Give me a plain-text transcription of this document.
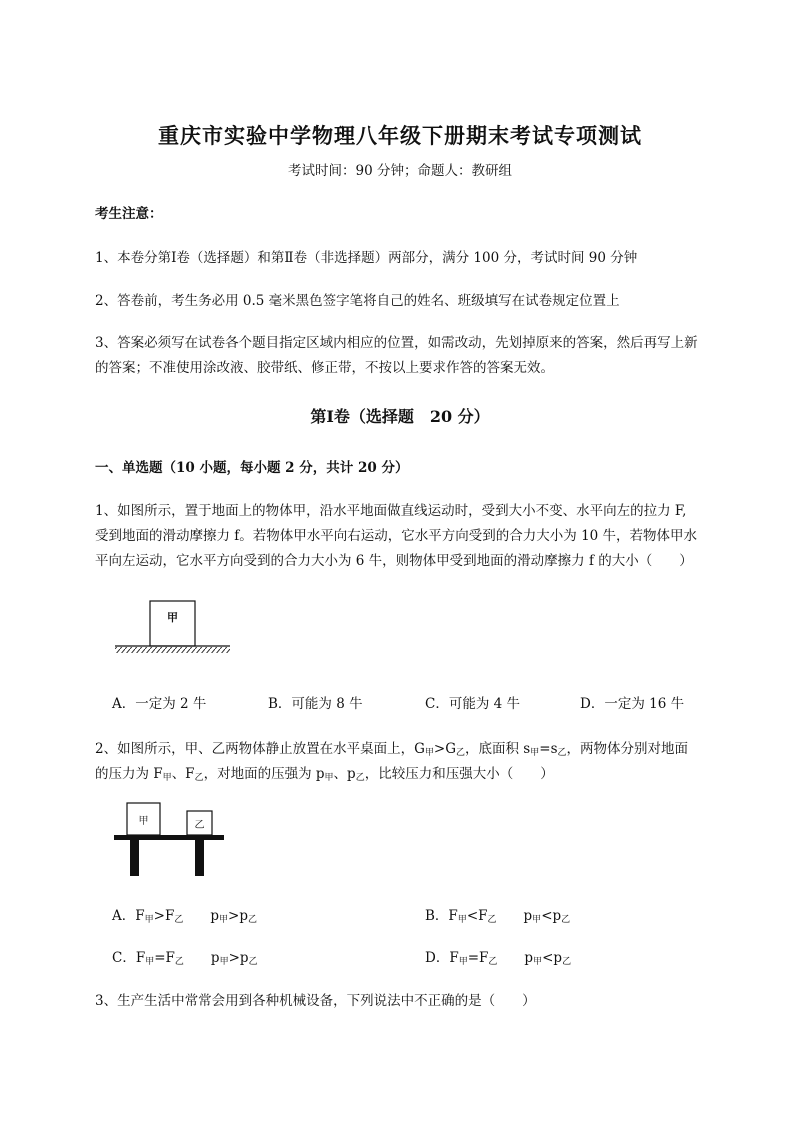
重庆市实验中学物理八年级下册期末考试专项测试
考试时间：90 分钟；命题人：教研组
考生注意：
1、本卷分第Ⅰ卷（选择题）和第Ⅱ卷（非选择题）两部分，满分 100 分，考试时间 90 分钟
2、答卷前，考生务必用 0.5 毫米黑色签字笔将自己的姓名、班级填写在试卷规定位置上
3、答案必须写在试卷各个题目指定区域内相应的位置，如需改动，先划掉原来的答案，然后再写上新
的答案；不准使用涂改液、胶带纸、修正带，不按以上要求作答的答案无效。
第Ⅰ卷（选择题　20 分）
一、单选题（10 小题，每小题 2 分，共计 20 分）
1、如图所示，置于地面上的物体甲，沿水平地面做直线运动时，受到大小不变、水平向左的拉力 F,
受到地面的滑动摩擦力 f。若物体甲水平向右运动，它水平方向受到的合力大小为 10 牛，若物体甲水
平向左运动，它水平方向受到的合力大小为 6 牛，则物体甲受到地面的滑动摩擦力 f 的大小（　　）
甲
A．一定为 2 牛	B．可能为 8 牛	C．可能为 4 牛	D．一定为 16 牛
2、如图所示，甲、乙两物体静止放置在水平桌面上，$G_甲>G_乙$，底面积 $s_甲=s_乙$，两物体分别对地面
的压力为 $F_甲$、$F_乙$，对地面的压强为 $p_甲$、$p_乙$，比较压力和压强大小（　　）
甲	乙
A．$F_甲>F_乙$　　 $p_甲>p_乙$	B．$F_甲<F_乙$　　 $p_甲<p_乙$
C．$F_甲=F_乙$　　 $p_甲>p_乙$	D．$F_甲=F_乙$　　 $p_甲<p_乙$
3、生产生活中常常会用到各种机械设备，下列说法中不正确的是（　　）
